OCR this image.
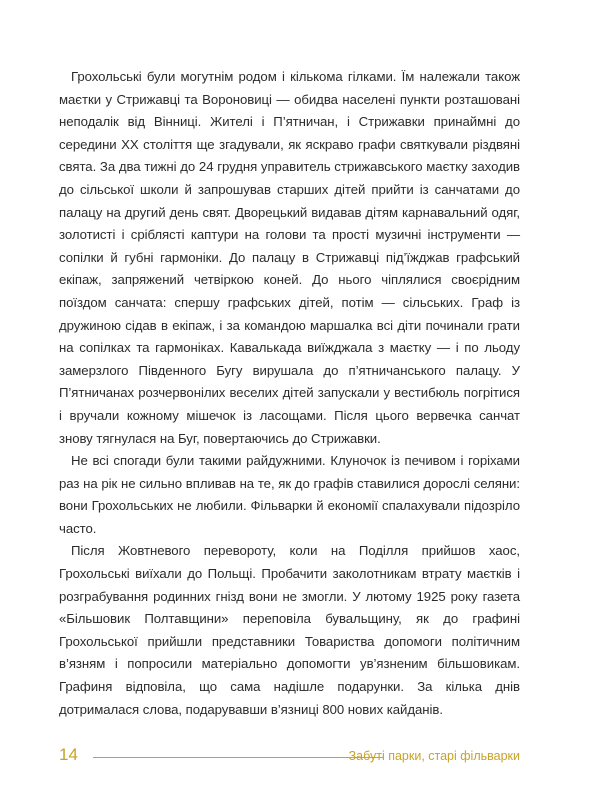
Грохольські були могутнім родом і кількома гілками. Їм належали також маєтки у Стрижавці та Вороновиці — обидва населені пункти розташовані неподалік від Вінниці. Жителі і П’ятничан, і Стрижавки принаймні до середини ХХ століття ще згадували, як яскраво графи святкували різдвяні свята. За два тижні до 24 грудня управитель стрижавського маєтку заходив до сільської школи й запрошував старших дітей прийти із санчатами до палацу на другий день свят. Дворецький видавав дітям карнавальний одяг, золотисті і сріблясті каптури на голови та прості музичні інструменти — сопілки й губні гармоніки. До палацу в Стрижавці під’їжджав графський екіпаж, запряжений четвіркою коней. До нього чіплялися своєрідним поїздом санчата: спершу графських дітей, потім — сільських. Граф із дружиною сідав в екіпаж, і за командою маршалка всі діти починали грати на сопілках та гармоніках. Кавалькада виїжджала з маєтку — і по льоду замерзлого Південного Бугу вирушала до п’ятничанського палацу. У П’ятничанах розчервонілих веселих дітей запускали у вестибюль погрітися і вручали кожному мішечок із ласощами. Після цього вервечка санчат знову тягнулася на Буг, повертаючись до Стрижавки.

Не всі спогади були такими райдужними. Клуночок із печивом і горіхами раз на рік не сильно впливав на те, як до графів ставилися дорослі селяни: вони Грохольських не любили. Фільварки й економії спалахували підозріло часто.

Після Жовтневого перевороту, коли на Поділля прийшов хаос, Грохольські виїхали до Польщі. Пробачити заколотникам втрату маєтків і розграбування родинних гнізд вони не змогли. У лютому 1925 року газета «Більшовик Полтавщини» переповіла бувальщину, як до графині Грохольської прийшли представники Товариства допомоги політичним в’язням і попросили матеріально допомогти ув’язненим більшовикам. Графиня відповіла, що сама надішле подарунки. За кілька днів дотрималася слова, подарувавши в’язниці 800 нових кайданів.

14	Забуті парки, старі фільварки
